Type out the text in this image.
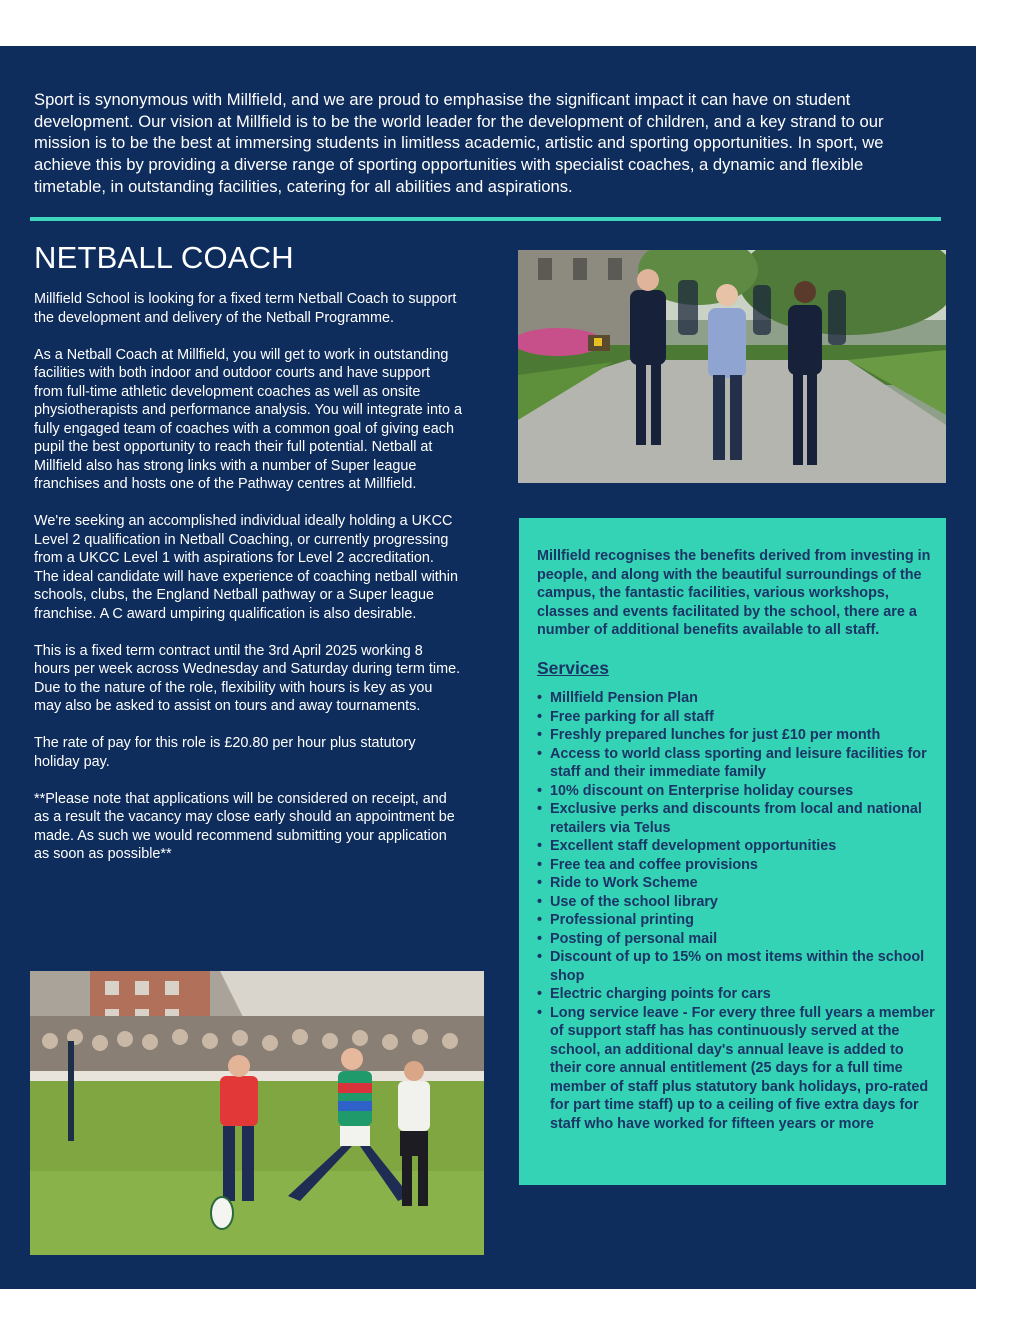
Sport is synonymous with Millfield, and we are proud to emphasise the significant impact it can have on student development. Our vision at Millfield is to be the world leader for the development of children, and a key strand to our mission is to be the best at immersing students in limitless academic, artistic and sporting opportunities. In sport, we achieve this by providing a diverse range of sporting opportunities with specialist coaches, a dynamic and flexible timetable, in outstanding facilities, catering for all abilities and aspirations.

NETBALL COACH

Millfield School is looking for a fixed term Netball Coach to support the development and delivery of the Netball Programme.

As a Netball Coach at Millfield, you will get to work in outstanding facilities with both indoor and outdoor courts and have support from full-time athletic development coaches as well as onsite physiotherapists and performance analysis. You will integrate into a fully engaged team of coaches with a common goal of giving each pupil the best opportunity to reach their full potential. Netball at Millfield also has strong links with a number of Super league franchises and hosts one of the Pathway centres at Millfield.

We're seeking an accomplished individual ideally holding a UKCC Level 2 qualification in Netball Coaching, or currently progressing from a UKCC Level 1 with aspirations for Level 2 accreditation. The ideal candidate will have experience of coaching netball within schools, clubs, the England Netball pathway or a Super league franchise. A C award umpiring qualification is also desirable.

This is a fixed term contract until the 3rd April 2025 working 8 hours per week across Wednesday and Saturday during term time. Due to the nature of the role, flexibility with hours is key as you may also be asked to assist on tours and away tournaments.

The rate of pay for this role is £20.80 per hour plus statutory holiday pay.

**Please note that applications will be considered on receipt, and as a result the vacancy may close early should an appointment be made. As such we would recommend submitting your application as soon as possible**

Millfield recognises the benefits derived from investing in people, and along with the beautiful surroundings of the campus, the fantastic facilities, various workshops, classes and events facilitated by the school, there are a number of additional benefits available to all staff.

Services
• Millfield Pension Plan
• Free parking for all staff
• Freshly prepared lunches for just £10 per month
• Access to world class sporting and leisure facilities for staff and their immediate family
• 10% discount on Enterprise holiday courses
• Exclusive perks and discounts from local and national retailers via Telus
• Excellent staff development opportunities
• Free tea and coffee provisions
• Ride to Work Scheme
• Use of the school library
• Professional printing
• Posting of personal mail
• Discount of up to 15% on most items within the school shop
• Electric charging points for cars
• Long service leave - For every three full years a member of support staff has has continuously served at the school, an additional day's annual leave is added to their core annual entitlement (25 days for a full time member of staff plus statutory bank holidays, pro-rated for part time staff) up to a ceiling of five extra days for staff who have worked for fifteen years or more
